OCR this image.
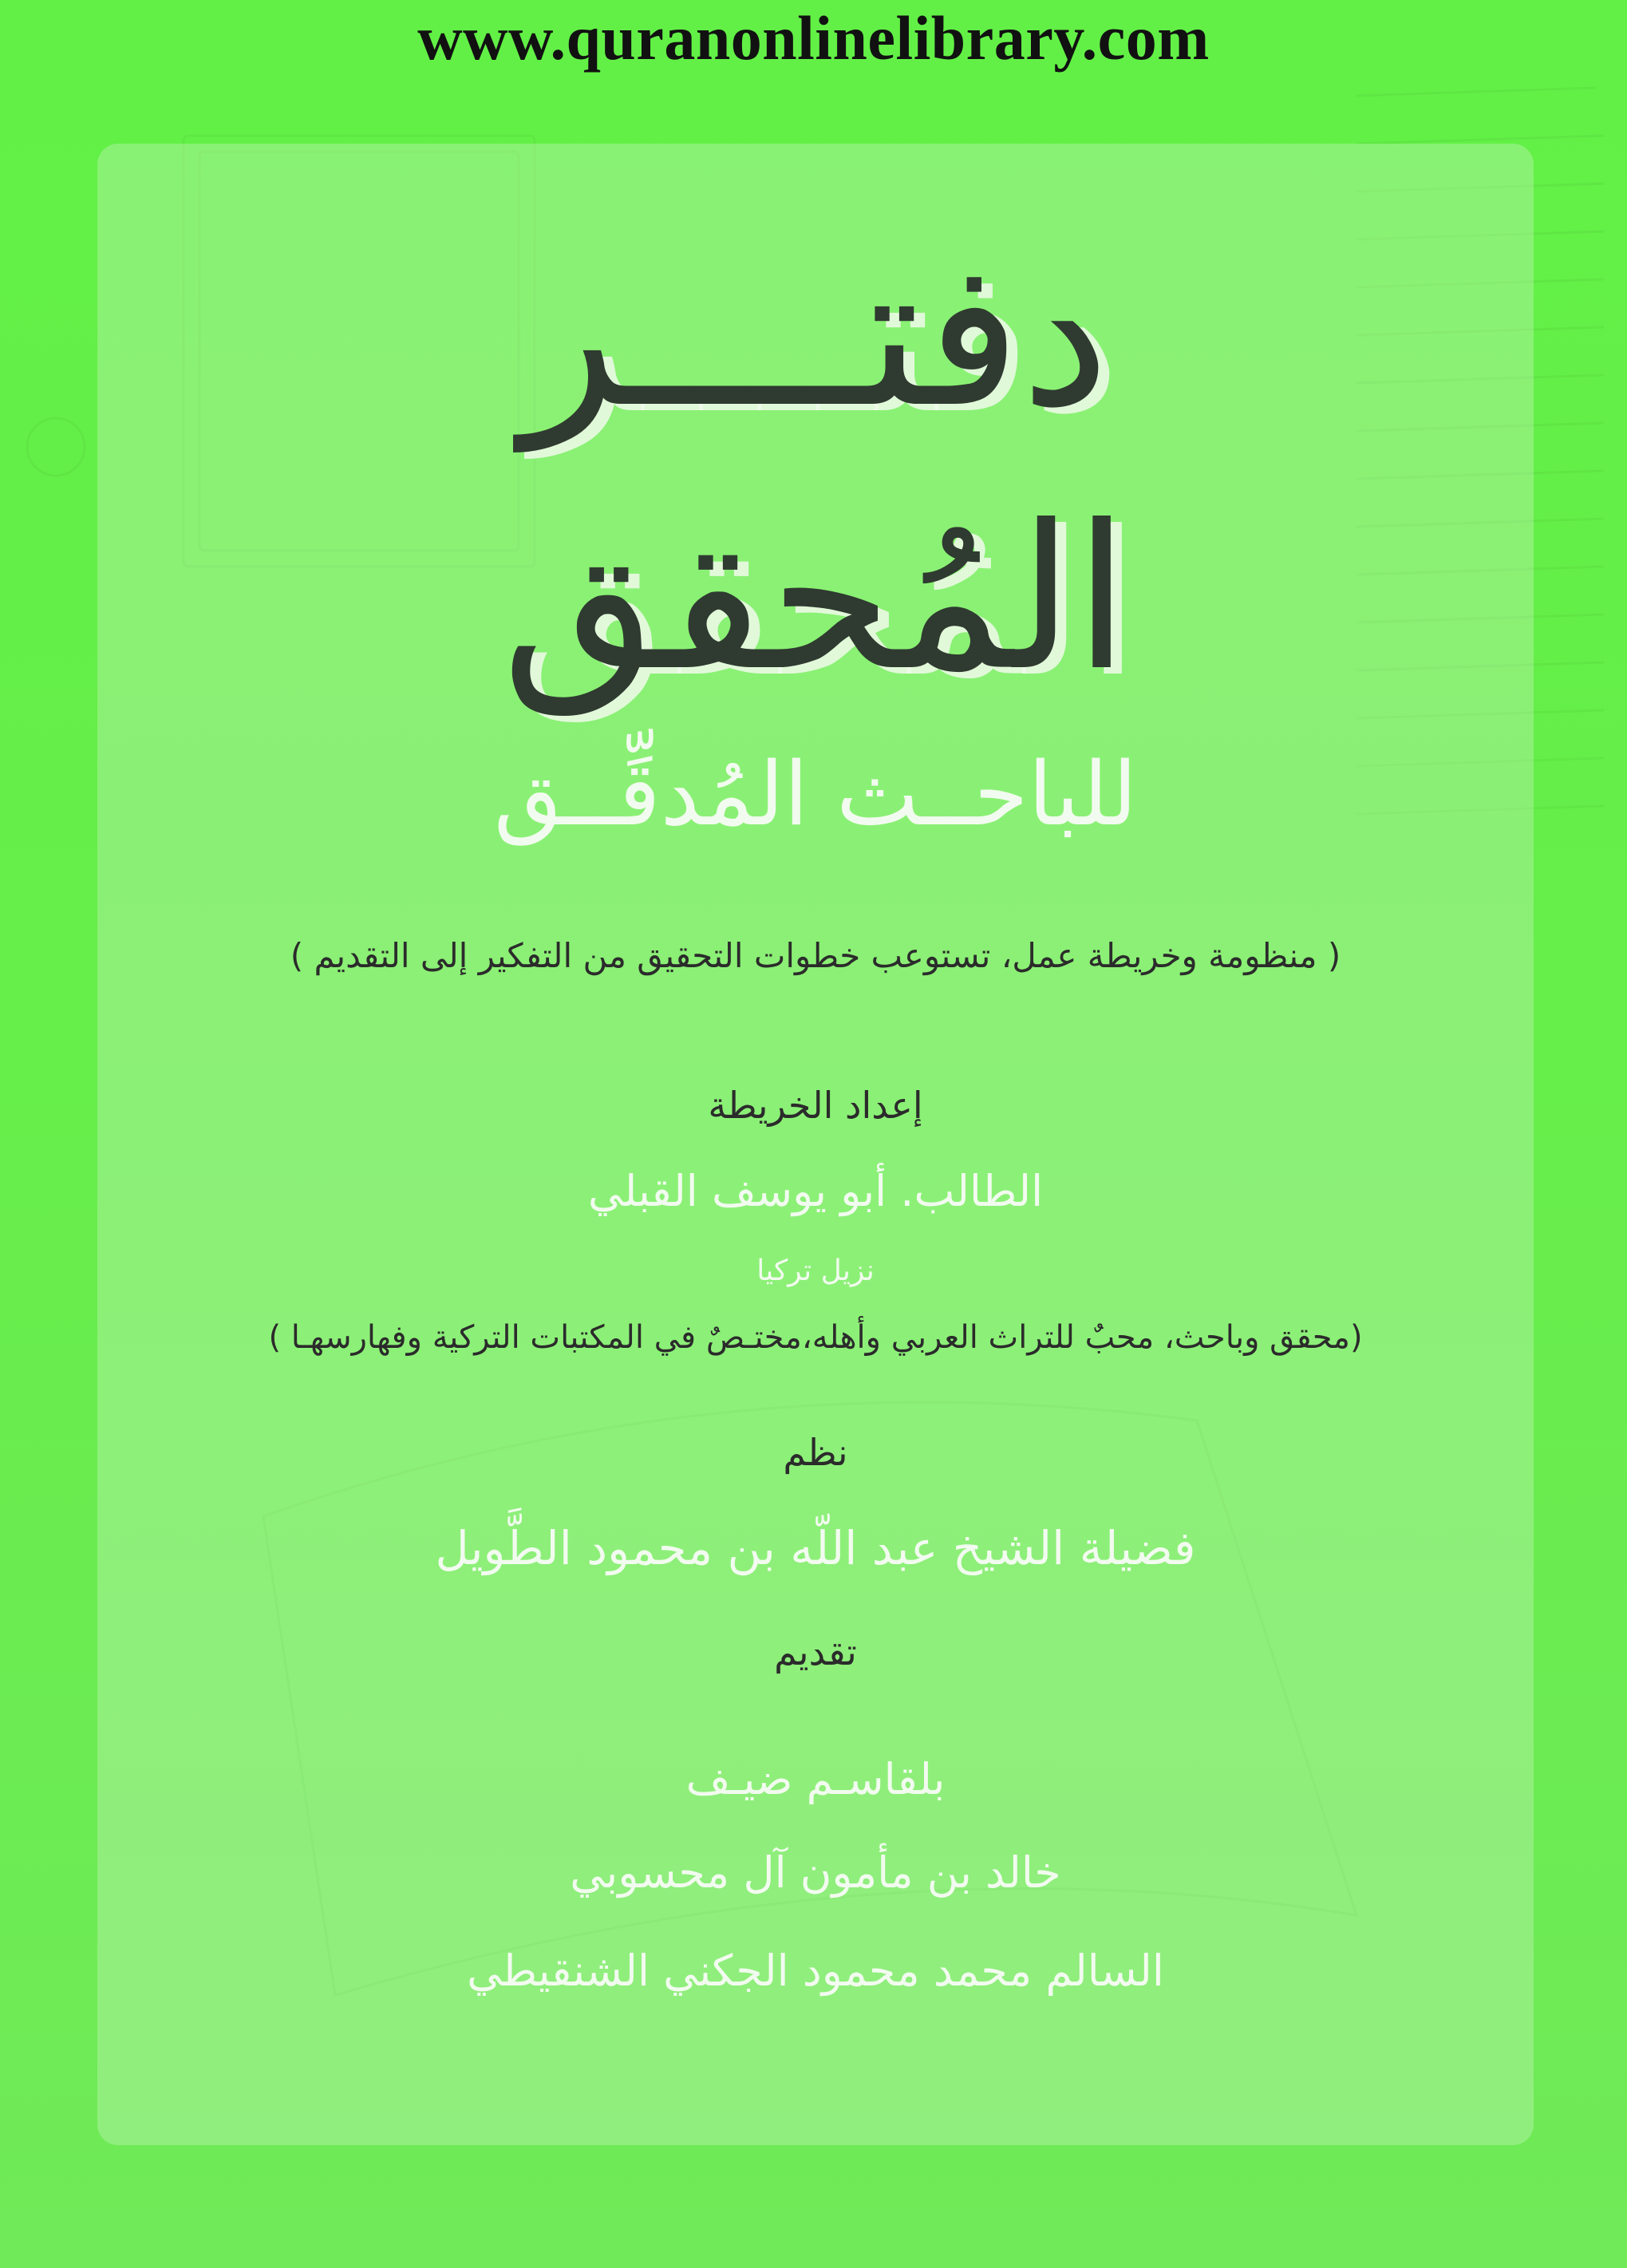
www.quranonlinelibrary.com
دفتــــر
المُحقق
للباحــث المُدقِّــق
( منظومة وخريطة عمل، تستوعب خطوات التحقيق من التفكير إلى التقديم )
إعداد الخريطة
الطالب. أبو يوسف القبلي
نزيل تركيا
(محقق وباحث، محبٌ للتراث العربي وأهله،مختـصٌ في المكتبات التركية وفهارسهـا )
نظم
فضيلة الشيخ عبد اللّه بن محمود الطَّويل
تقديم
بلقاسـم ضيـف
خالد بن مأمون آل محسوبي
السالم محمد محمود الجكني الشنقيطي
